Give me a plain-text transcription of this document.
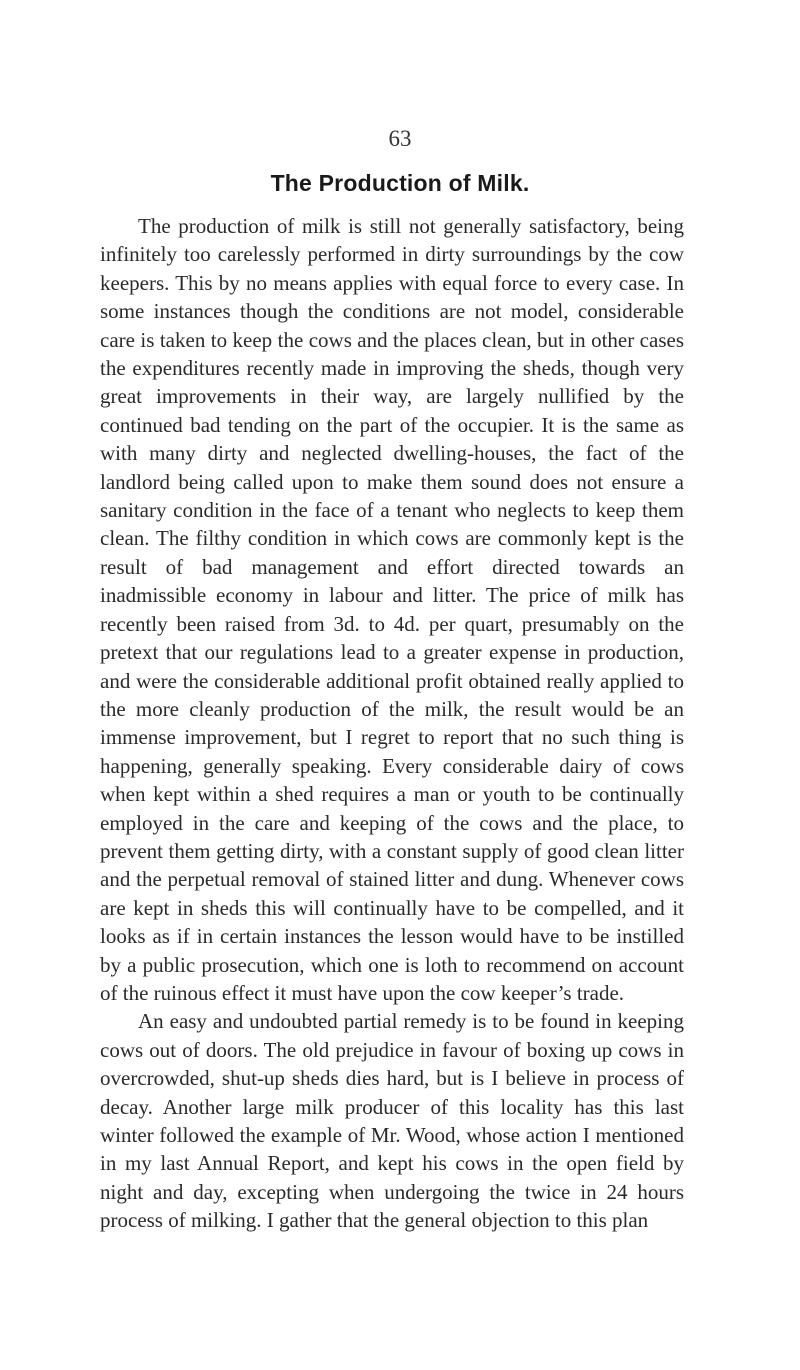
63
The Production of Milk.

The production of milk is still not generally satisfactory, being infinitely too carelessly performed in dirty surroundings by the cow keepers. This by no means applies with equal force to every case. In some instances though the conditions are not model, considerable care is taken to keep the cows and the places clean, but in other cases the expenditures recently made in improving the sheds, though very great improvements in their way, are largely nullified by the continued bad tending on the part of the occupier. It is the same as with many dirty and neglected dwelling-houses, the fact of the landlord being called upon to make them sound does not ensure a sanitary condition in the face of a tenant who neglects to keep them clean. The filthy condition in which cows are commonly kept is the result of bad management and effort directed towards an inadmissible economy in labour and litter. The price of milk has recently been raised from 3d. to 4d. per quart, presumably on the pretext that our regulations lead to a greater expense in production, and were the considerable additional profit obtained really applied to the more cleanly production of the milk, the result would be an immense improvement, but I regret to report that no such thing is happening, generally speaking. Every considerable dairy of cows when kept within a shed requires a man or youth to be continually employed in the care and keeping of the cows and the place, to prevent them getting dirty, with a constant supply of good clean litter and the perpetual removal of stained litter and dung. Whenever cows are kept in sheds this will continually have to be compelled, and it looks as if in certain instances the lesson would have to be instilled by a public prosecution, which one is loth to recommend on account of the ruinous effect it must have upon the cow keeper’s trade.

An easy and undoubted partial remedy is to be found in keeping cows out of doors. The old prejudice in favour of boxing up cows in overcrowded, shut-up sheds dies hard, but is I believe in process of decay. Another large milk producer of this locality has this last winter followed the example of Mr. Wood, whose action I mentioned in my last Annual Report, and kept his cows in the open field by night and day, excepting when undergoing the twice in 24 hours process of milking. I gather that the general objection to this plan
